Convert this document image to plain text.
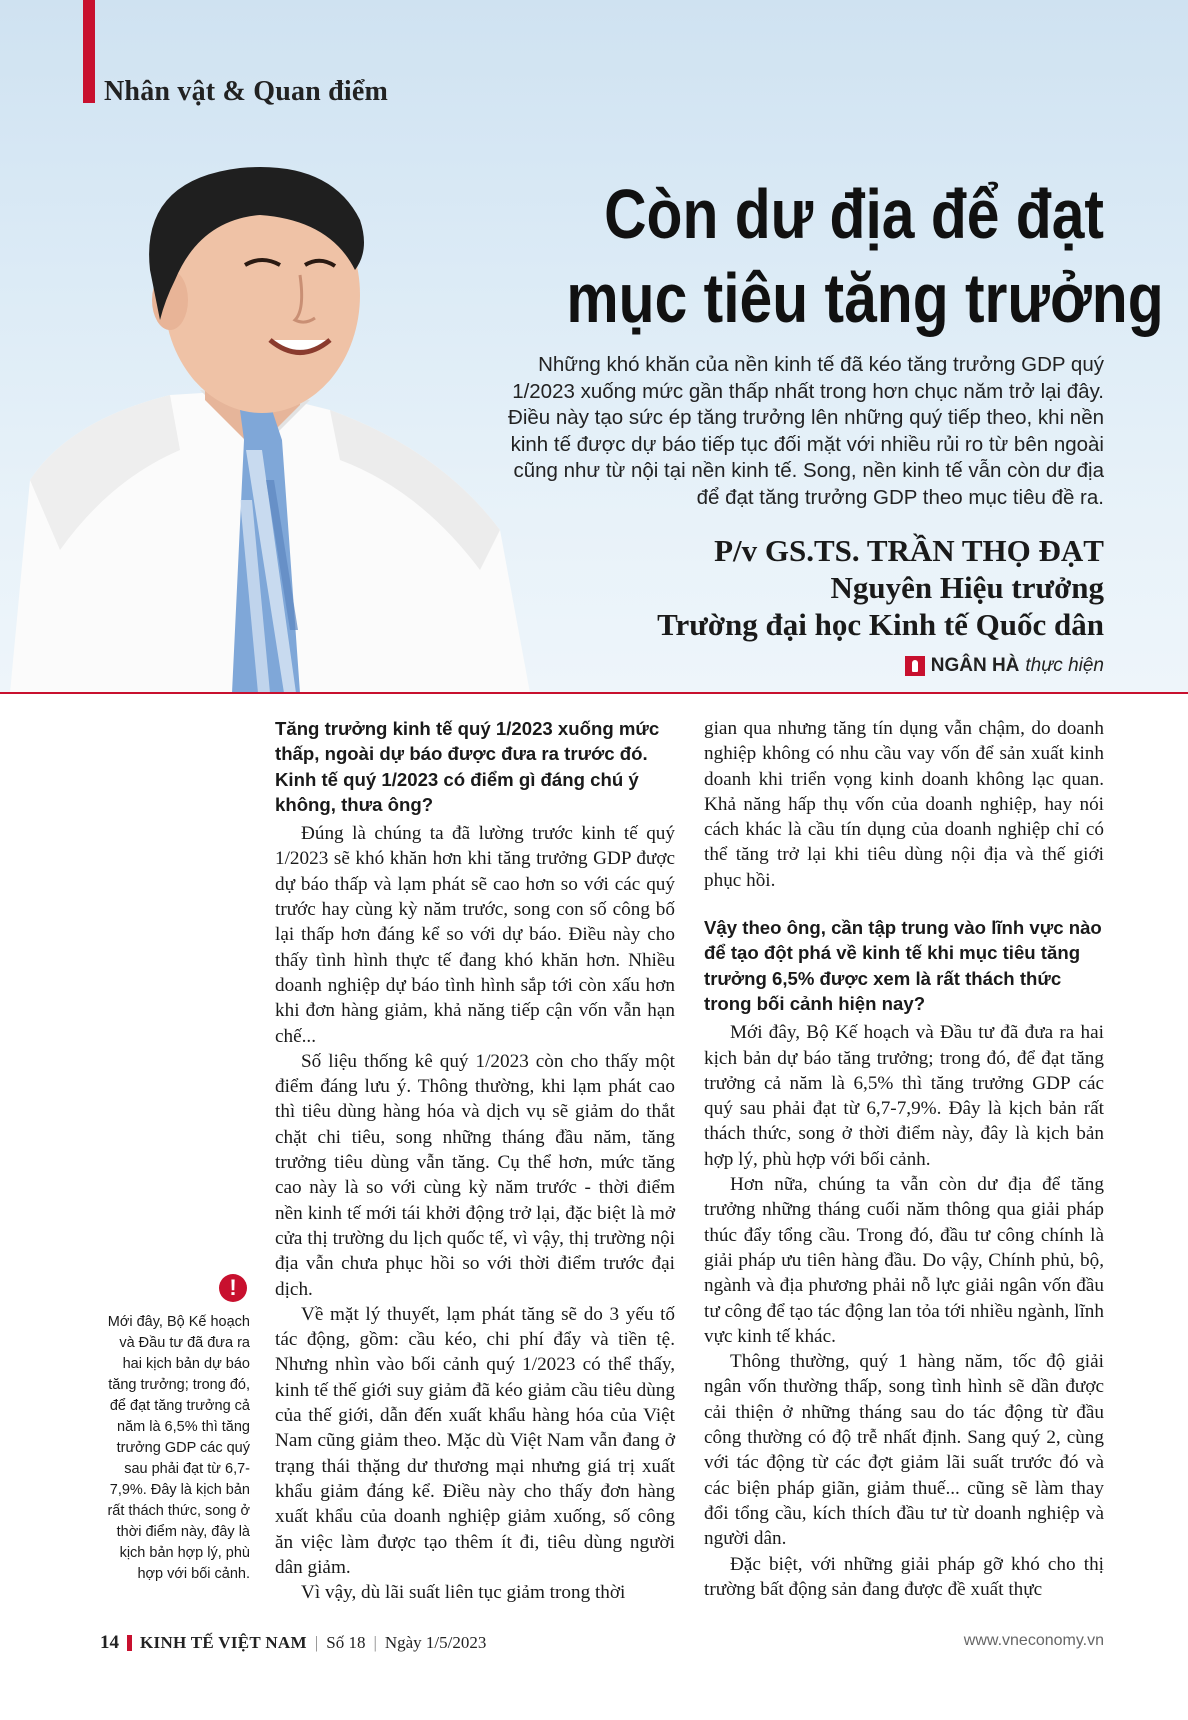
Nhân vật & Quan điểm
Còn dư địa để đạt
mục tiêu tăng trưởng
Những khó khăn của nền kinh tế đã kéo tăng trưởng GDP quý 1/2023 xuống mức gần thấp nhất trong hơn chục năm trở lại đây. Điều này tạo sức ép tăng trưởng lên những quý tiếp theo, khi nền kinh tế được dự báo tiếp tục đối mặt với nhiều rủi ro từ bên ngoài cũng như từ nội tại nền kinh tế. Song, nền kinh tế vẫn còn dư địa để đạt tăng trưởng GDP theo mục tiêu đề ra.
P/v GS.TS. TRẦN THỌ ĐẠT
Nguyên Hiệu trưởng
Trường đại học Kinh tế Quốc dân
NGÂN HÀ thực hiện
Mới đây, Bộ Kế hoạch và Đầu tư đã đưa ra hai kịch bản dự báo tăng trưởng; trong đó, để đạt tăng trưởng cả năm là 6,5% thì tăng trưởng GDP các quý sau phải đạt từ 6,7-7,9%. Đây là kịch bản rất thách thức, song ở thời điểm này, đây là kịch bản hợp lý, phù hợp với bối cảnh.
!

Tăng trưởng kinh tế quý 1/2023 xuống mức thấp, ngoài dự báo được đưa ra trước đó. Kinh tế quý 1/2023 có điểm gì đáng chú ý không, thưa ông?

Đúng là chúng ta đã lường trước kinh tế quý 1/2023 sẽ khó khăn hơn khi tăng trưởng GDP được dự báo thấp và lạm phát sẽ cao hơn so với các quý trước hay cùng kỳ năm trước, song con số công bố lại thấp hơn đáng kể so với dự báo. Điều này cho thấy tình hình thực tế đang khó khăn hơn. Nhiều doanh nghiệp dự báo tình hình sắp tới còn xấu hơn khi đơn hàng giảm, khả năng tiếp cận vốn vẫn hạn chế...

Số liệu thống kê quý 1/2023 còn cho thấy một điểm đáng lưu ý. Thông thường, khi lạm phát cao thì tiêu dùng hàng hóa và dịch vụ sẽ giảm do thắt chặt chi tiêu, song những tháng đầu năm, tăng trưởng tiêu dùng vẫn tăng. Cụ thể hơn, mức tăng cao này là so với cùng kỳ năm trước - thời điểm nền kinh tế mới tái khởi động trở lại, đặc biệt là mở cửa thị trường du lịch quốc tế, vì vậy, thị trường nội địa vẫn chưa phục hồi so với thời điểm trước đại dịch.

Về mặt lý thuyết, lạm phát tăng sẽ do 3 yếu tố tác động, gồm: cầu kéo, chi phí đẩy và tiền tệ. Nhưng nhìn vào bối cảnh quý 1/2023 có thể thấy, kinh tế thế giới suy giảm đã kéo giảm cầu tiêu dùng của thế giới, dẫn đến xuất khẩu hàng hóa của Việt Nam cũng giảm theo. Mặc dù Việt Nam vẫn đang ở trạng thái thặng dư thương mại nhưng giá trị xuất khẩu giảm đáng kể. Điều này cho thấy đơn hàng xuất khẩu của doanh nghiệp giảm xuống, số công ăn việc làm được tạo thêm ít đi, tiêu dùng người dân giảm.

Vì vậy, dù lãi suất liên tục giảm trong thời

gian qua nhưng tăng tín dụng vẫn chậm, do doanh nghiệp không có nhu cầu vay vốn để sản xuất kinh doanh khi triển vọng kinh doanh không lạc quan. Khả năng hấp thụ vốn của doanh nghiệp, hay nói cách khác là cầu tín dụng của doanh nghiệp chỉ có thể tăng trở lại khi tiêu dùng nội địa và thế giới phục hồi.

Vậy theo ông, cần tập trung vào lĩnh vực nào để tạo đột phá về kinh tế khi mục tiêu tăng trưởng 6,5% được xem là rất thách thức trong bối cảnh hiện nay?

Mới đây, Bộ Kế hoạch và Đầu tư đã đưa ra hai kịch bản dự báo tăng trưởng; trong đó, để đạt tăng trưởng cả năm là 6,5% thì tăng trưởng GDP các quý sau phải đạt từ 6,7-7,9%. Đây là kịch bản rất thách thức, song ở thời điểm này, đây là kịch bản hợp lý, phù hợp với bối cảnh.

Hơn nữa, chúng ta vẫn còn dư địa để tăng trưởng những tháng cuối năm thông qua giải pháp thúc đẩy tổng cầu. Trong đó, đầu tư công chính là giải pháp ưu tiên hàng đầu. Do vậy, Chính phủ, bộ, ngành và địa phương phải nỗ lực giải ngân vốn đầu tư công để tạo tác động lan tỏa tới nhiều ngành, lĩnh vực kinh tế khác.

Thông thường, quý 1 hàng năm, tốc độ giải ngân vốn thường thấp, song tình hình sẽ dần được cải thiện ở những tháng sau do tác động từ đầu công thường có độ trễ nhất định. Sang quý 2, cùng với tác động từ các đợt giảm lãi suất trước đó và các biện pháp giãn, giảm thuế... cũng sẽ làm thay đổi tổng cầu, kích thích đầu tư từ doanh nghiệp và người dân.

Đặc biệt, với những giải pháp gỡ khó cho thị trường bất động sản đang được đề xuất thực

14 KINH TẾ VIỆT NAM | Số 18 | Ngày 1/5/2023	www.vneconomy.vn
